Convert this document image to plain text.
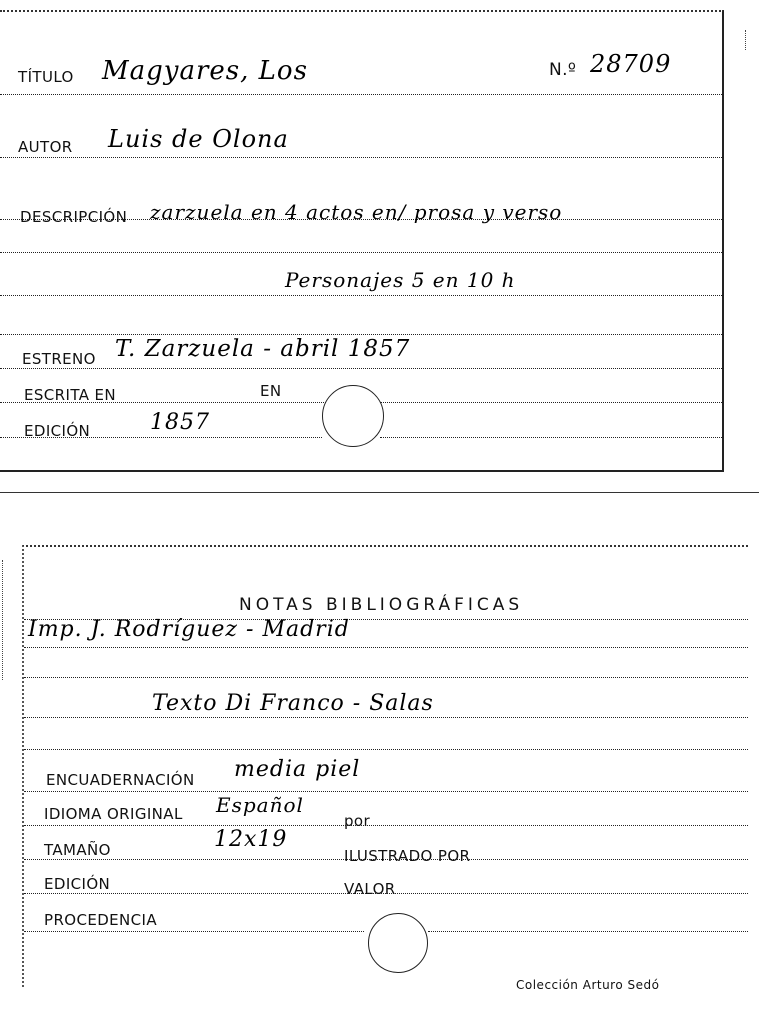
TÍTULO Magyares, Los	N.º 28709
AUTOR Luis de Olona
DESCRIPCIÓN zarzuela en 4 actos en/ prosa y verso
Personajes 5 en 10 h
ESTRENO T. Zarzuela - abril 1857
ESCRITA EN	EN
EDICIÓN	1857
NOTAS BIBLIOGRÁFICAS
Imp. J. Rodríguez - Madrid
Texto Di Franco - Salas
ENCUADERNACIÓN media piel
IDIOMA ORIGINAL Español
por
TAMAÑO	12x19
ILUSTRADO POR
EDICIÓN	VALOR
PROCEDENCIA
Colección Arturo Sedó
